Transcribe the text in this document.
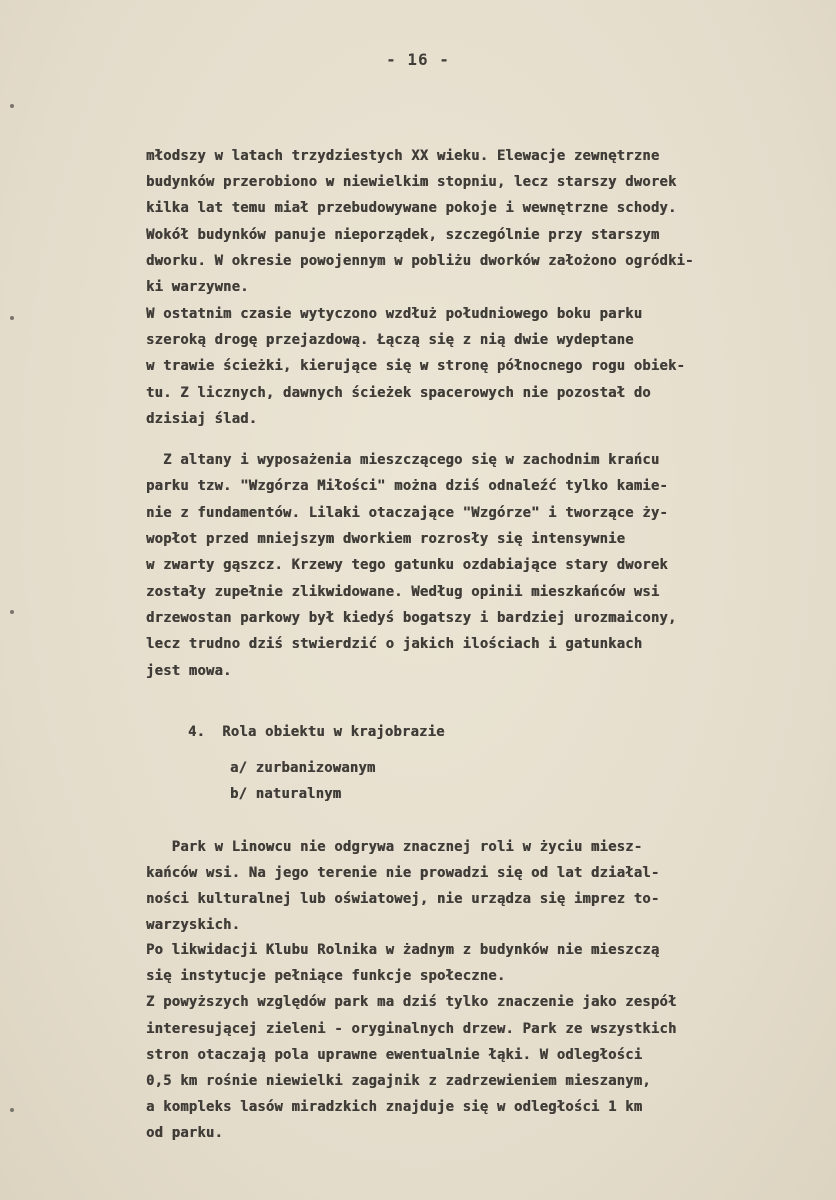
- 16 -
młodszy w latach trzydziestych XX wieku. Elewacje zewnętrzne
budynków przerobiono w niewielkim stopniu, lecz starszy dworek
kilka lat temu miał przebudowywane pokoje i wewnętrzne schody.
Wokół budynków panuje nieporządek, szczególnie przy starszym
dworku. W okresie powojennym w pobliżu dworków założono ogródki-
ki warzywne.
W ostatnim czasie wytyczono wzdłuż południowego boku parku
szeroką drogę przejazdową. Łączą się z nią dwie wydeptane
w trawie ścieżki, kierujące się w stronę północnego rogu obiek-
tu. Z licznych, dawnych ścieżek spacerowych nie pozostał do
dzisiaj ślad.
Z altany i wyposażenia mieszczącego się w zachodnim krańcu
parku tzw. "Wzgórza Miłości" można dziś odnaleźć tylko kamie-
nie z fundamentów. Lilaki otaczające "Wzgórze" i tworzące ży-
wopłot przed mniejszym dworkiem rozrosły się intensywnie
w zwarty gąszcz. Krzewy tego gatunku ozdabiające stary dworek
zostały zupełnie zlikwidowane. Według opinii mieszkańców wsi
drzewostan parkowy był kiedyś bogatszy i bardziej urozmaicony,
lecz trudno dziś stwierdzić o jakich ilościach i gatunkach
jest mowa.
4.  Rola obiektu w krajobrazie
a/ zurbanizowanym
b/ naturalnym
Park w Linowcu nie odgrywa znacznej roli w życiu miesz-
kańców wsi. Na jego terenie nie prowadzi się od lat działal-
ności kulturalnej lub oświatowej, nie urządza się imprez to-
warzyskich.
Po likwidacji Klubu Rolnika w żadnym z budynków nie mieszczą
się instytucje pełniące funkcje społeczne.
Z powyższych względów park ma dziś tylko znaczenie jako zespół
interesującej zieleni - oryginalnych drzew. Park ze wszystkich
stron otaczają pola uprawne ewentualnie łąki. W odległości
0,5 km rośnie niewielki zagajnik z zadrzewieniem mieszanym,
a kompleks lasów miradzkich znajduje się w odległości 1 km
od parku.
